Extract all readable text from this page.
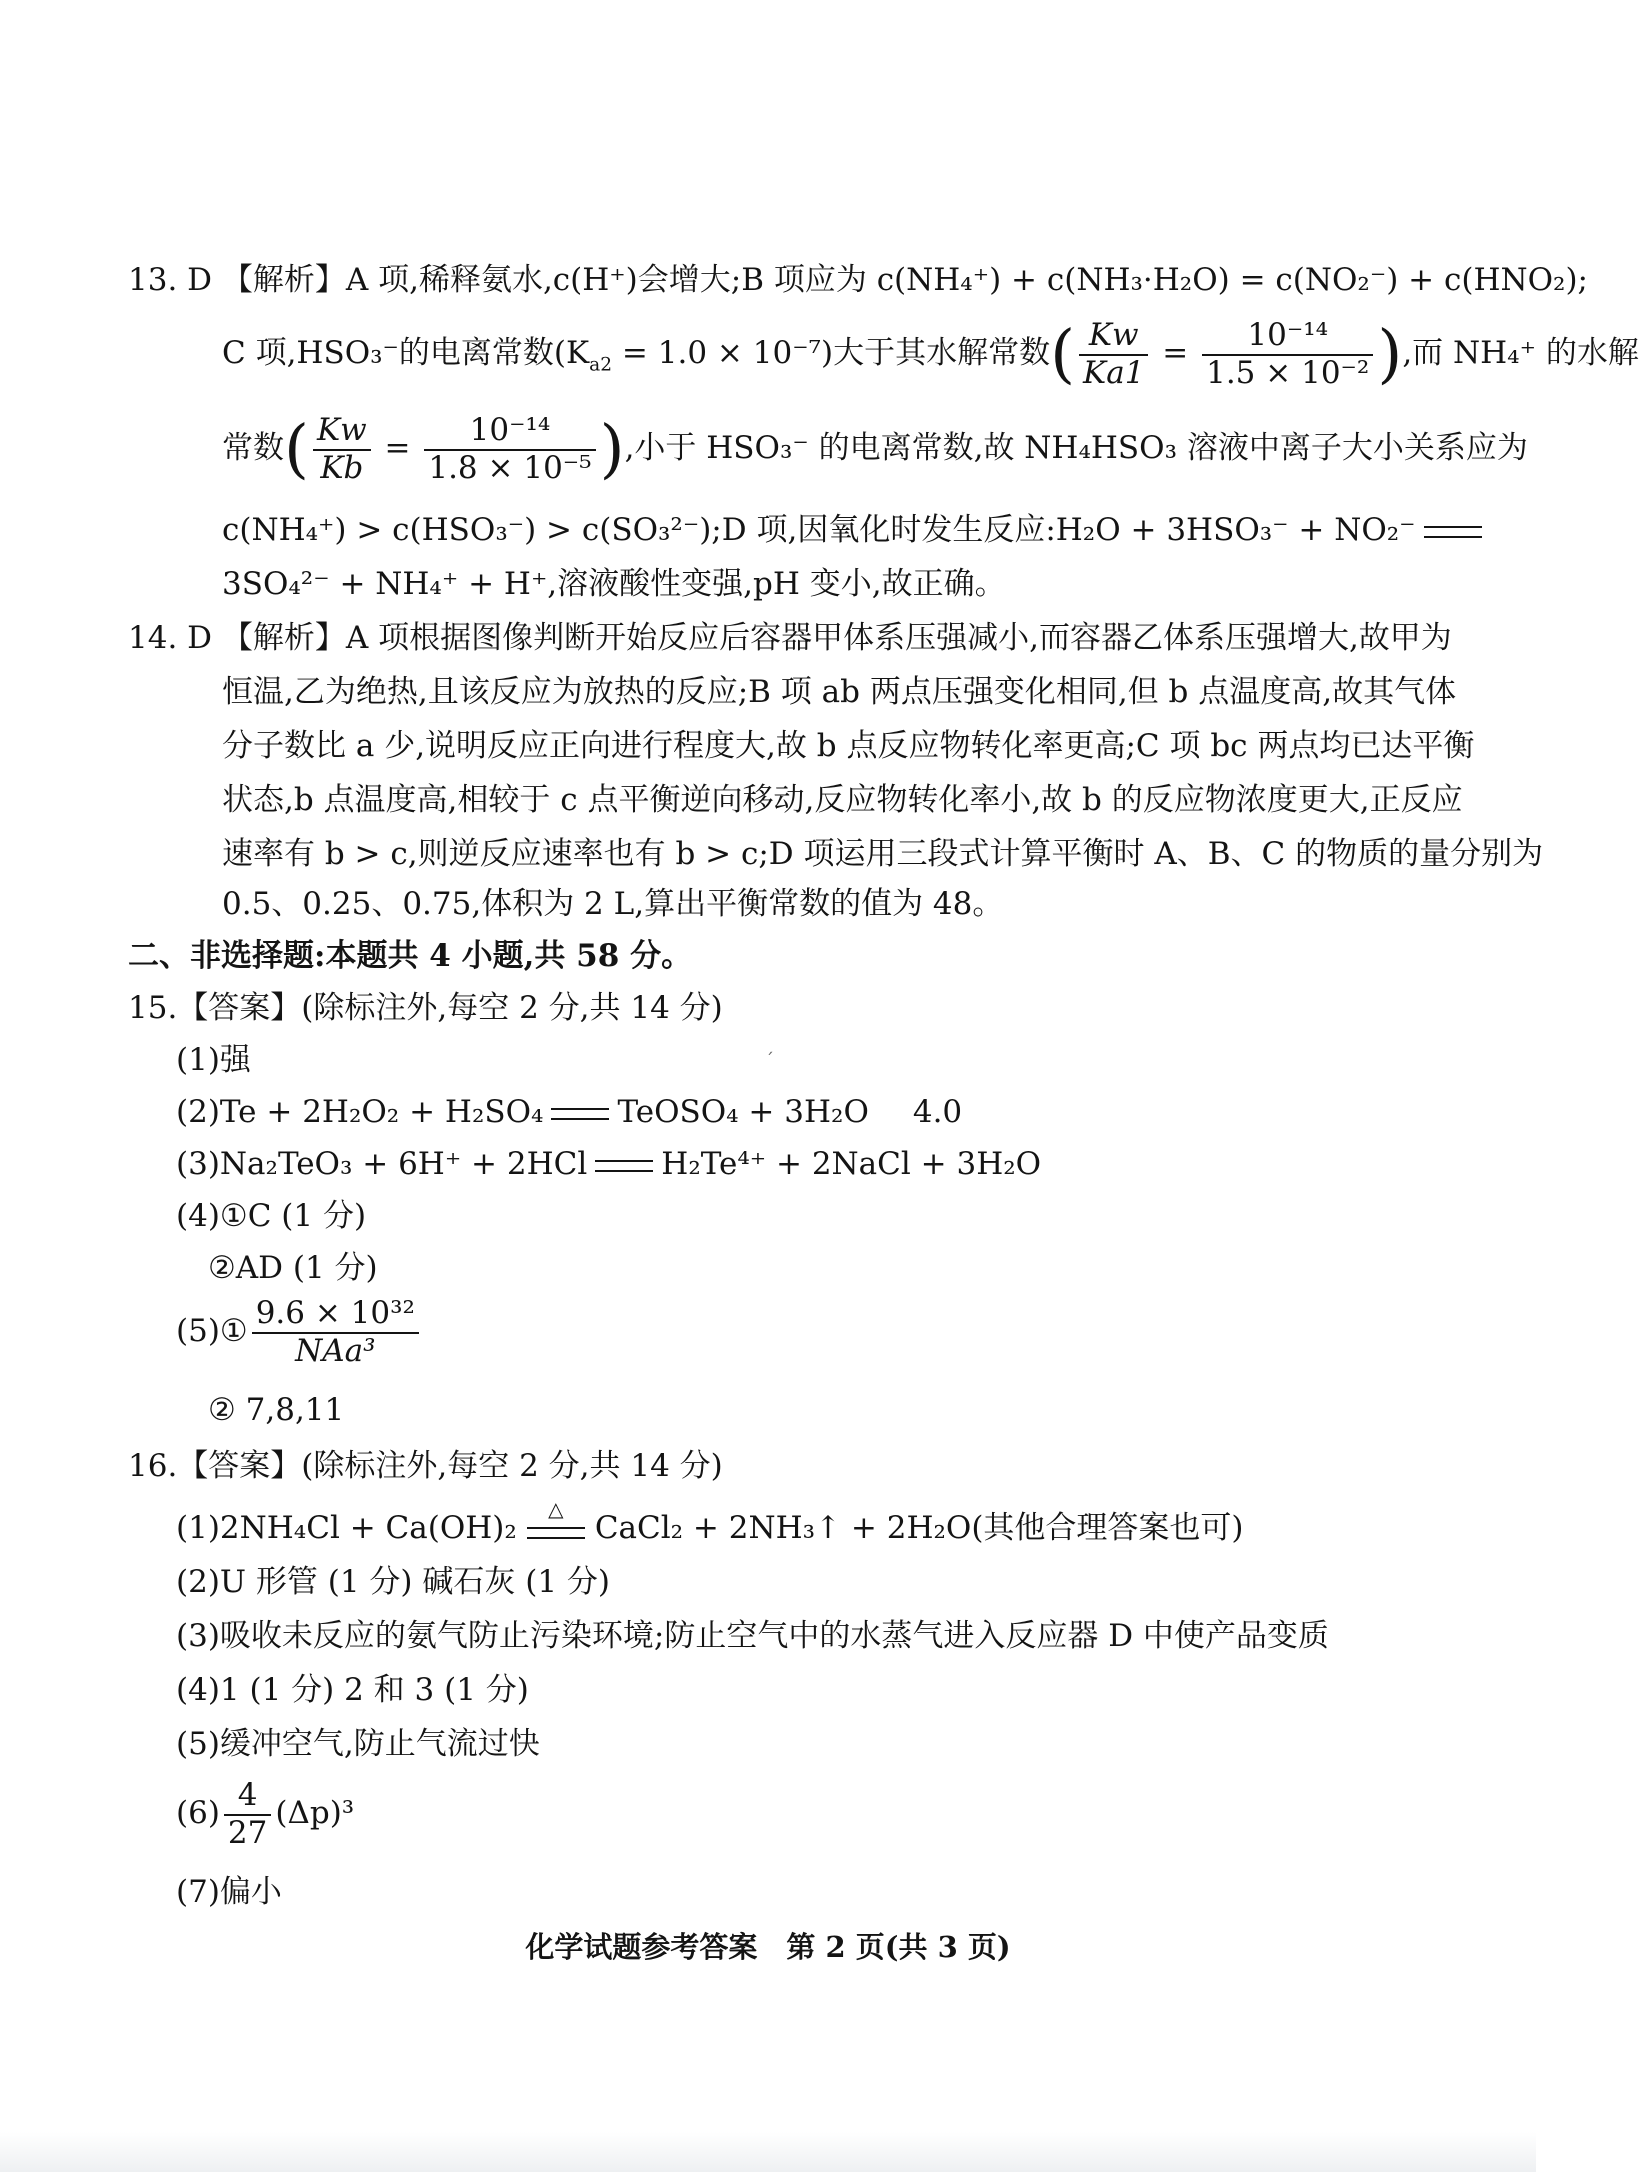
13. D 【解析】A 项,稀释氨水,c(H⁺)会增大;B 项应为 c(NH₄⁺) + c(NH₃·H₂O) = c(NO₂⁻) + c(HNO₂);
C 项,HSO₃⁻的电离常数$(K_{a2} = 1.0 \times 10^{-7})$大于其水解常数( $\frac{Kw}{Ka1} = \frac{\text{10⁻¹⁴}}{\text{1.5 × 10⁻²}}$ ),而 NH₄⁺ 的水解
常数( $\frac{Kw}{Kb} = \frac{\text{10⁻¹⁴}}{\text{1.8 × 10⁻⁵}}$ ),小于 HSO₃⁻ 的电离常数,故 NH₄HSO₃ 溶液中离子大小关系应为
c(NH₄⁺) > c(HSO₃⁻) > c(SO₃²⁻);D 项,因氧化时发生反应:H₂O + 3HSO₃⁻ + NO₂⁻
3SO₄²⁻ + NH₄⁺ + H⁺,溶液酸性变强,pH 变小,故正确。
14. D 【解析】A 项根据图像判断开始反应后容器甲体系压强减小,而容器乙体系压强增大,故甲为
恒温,乙为绝热,且该反应为放热的反应;B 项 ab 两点压强变化相同,但 b 点温度高,故其气体
分子数比 a 少,说明反应正向进行程度大,故 b 点反应物转化率更高;C 项 bc 两点均已达平衡
状态,b 点温度高,相较于 c 点平衡逆向移动,反应物转化率小,故 b 的反应物浓度更大,正反应
速率有 b > c,则逆反应速率也有 b > c;D 项运用三段式计算平衡时 A、B、C 的物质的量分别为
0.5、0.25、0.75,体积为 2 L,算出平衡常数的值为 48。
二、非选择题:本题共 4 小题,共 58 分。
15.【答案】(除标注外,每空 2 分,共 14 分)
(1)强	ˊ
(2)Te + 2H₂O₂ + H₂SO₄ TeOSO₄ + 3H₂O 4.0
(3)Na₂TeO₃ + 6H⁺ + 2HCl H₂Te⁴⁺ + 2NaCl + 3H₂O
(4)①C (1 分)
②AD (1 分)
(5)① $\frac{\text{9.6 × 10³²}}{\text{NAa³}}$
② 7,8,11
16.【答案】(除标注外,每空 2 分,共 14 分)
(1)2NH₄Cl + Ca(OH)₂
△
CaCl₂ + 2NH₃↑ + 2H₂O(其他合理答案也可)
(2)U 形管 (1 分) 碱石灰 (1 分)
(3)吸收未反应的氨气防止污染环境;防止空气中的水蒸气进入反应器 D 中使产品变质
(4)1 (1 分) 2 和 3 (1 分)
(5)缓冲空气,防止气流过快
$(6) \frac{4}{27} (\Delta p)^3$
(7)偏小
化学试题参考答案　第 2 页(共 3 页)
